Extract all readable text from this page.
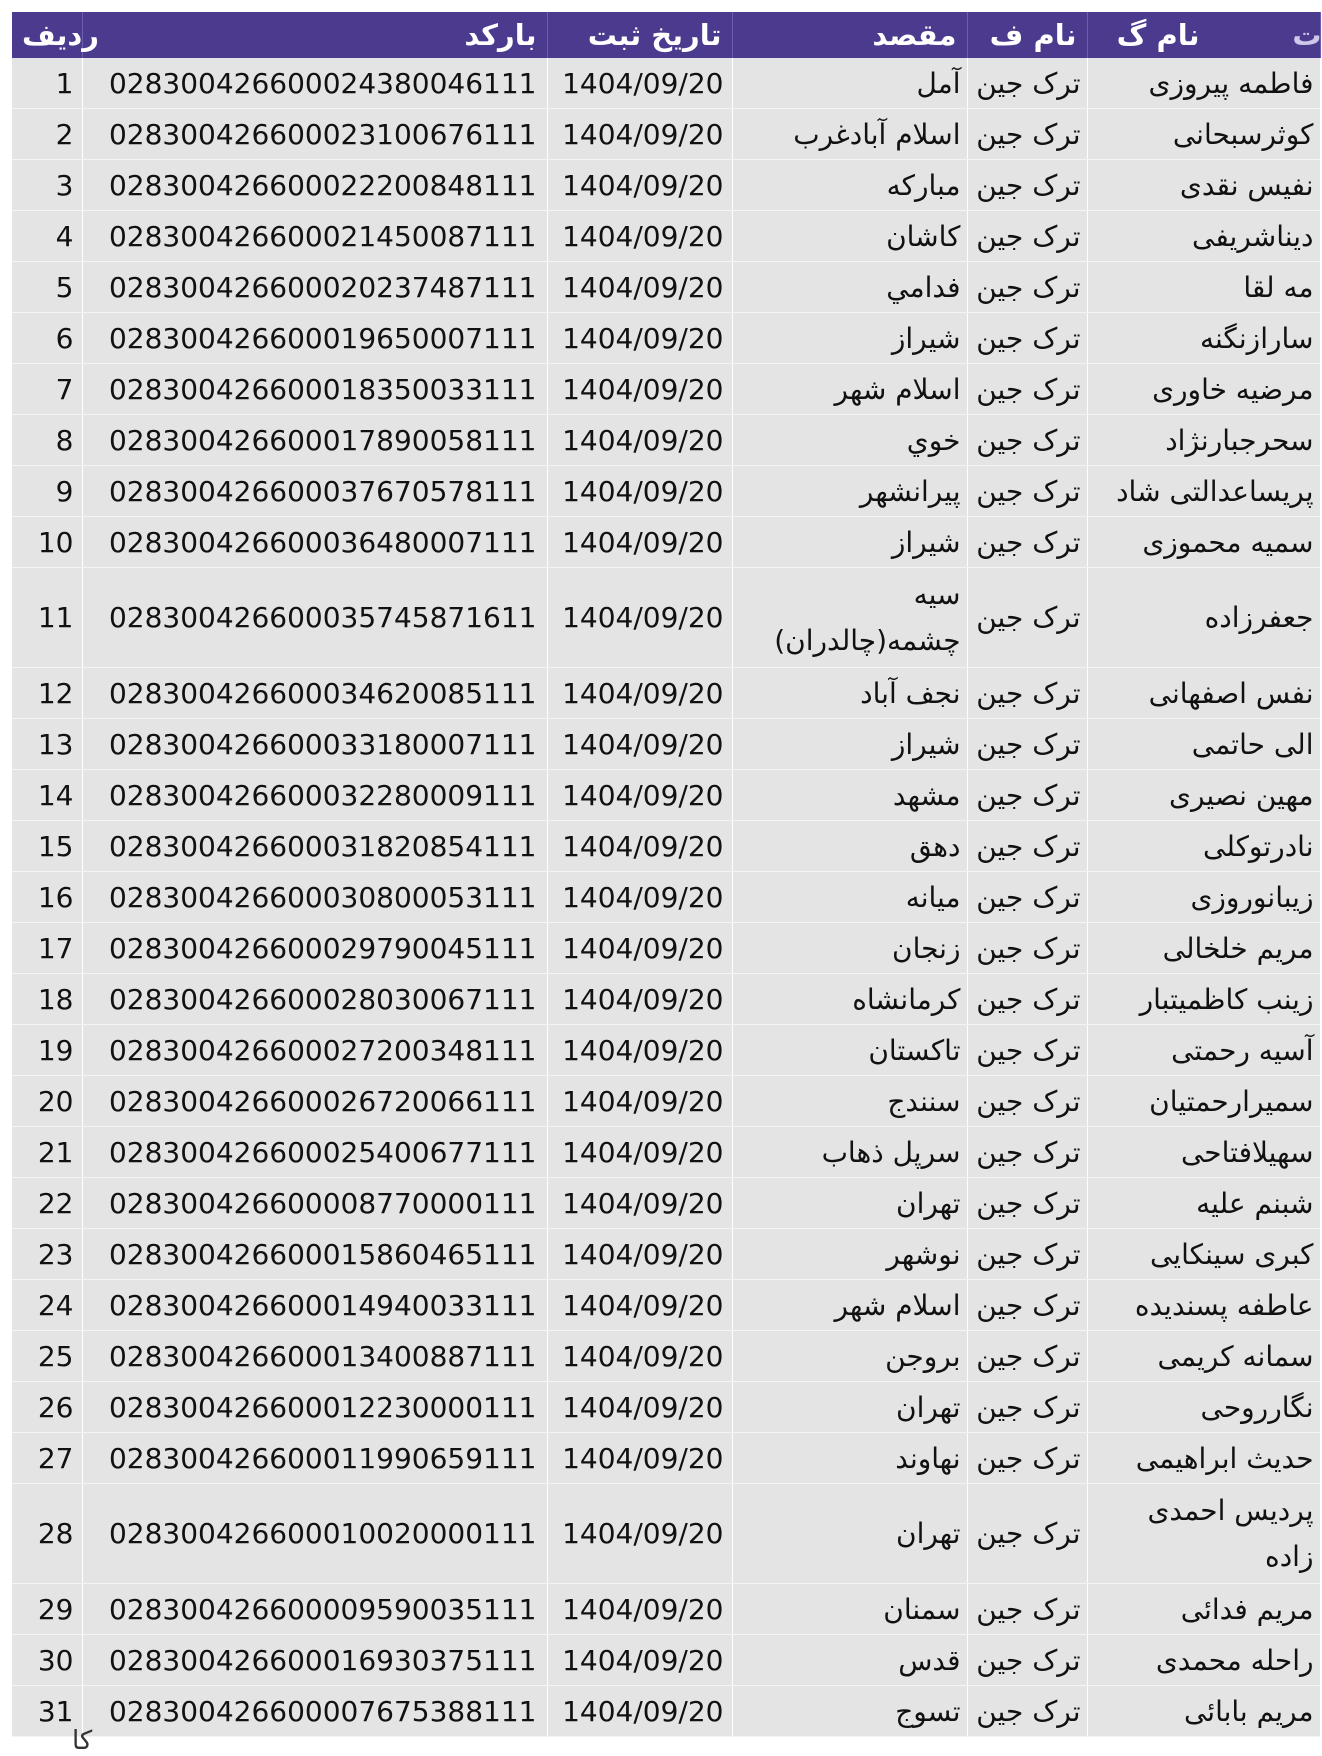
ردیف	بارکد	تاریخ ثبت	مقصد	نام ف	نام گ ت

1	028300426600024380046111	1404/09/20	آمل	ترک جین	فاطمه پیروزی
2	028300426600023100676111	1404/09/20	اسلام آبادغرب	ترک جین	کوثرسبحانی
3	028300426600022200848111	1404/09/20	مبارکه	ترک جین	نفیس نقدی
4	028300426600021450087111	1404/09/20	کاشان	ترک جین	دیناشریفی
5	028300426600020237487111	1404/09/20	فدامي	ترک جین	مه لقا
6	028300426600019650007111	1404/09/20	شیراز	ترک جین	سارازنگنه
7	028300426600018350033111	1404/09/20	اسلام شهر	ترک جین	مرضیه خاوری
8	028300426600017890058111	1404/09/20	خوي	ترک جین	سحرجبارنژاد
9	028300426600037670578111	1404/09/20	پیرانشهر	ترک جین	پریساعدالتی شاد
10	028300426600036480007111	1404/09/20	شیراز	ترک جین	سمیه محموزی
11	028300426600035745871611	1404/09/20	سیه چشمه(چالدران)	ترک جین	جعفرزاده
12	028300426600034620085111	1404/09/20	نجف آباد	ترک جین	نفس اصفهانی
13	028300426600033180007111	1404/09/20	شیراز	ترک جین	الی حاتمی
14	028300426600032280009111	1404/09/20	مشهد	ترک جین	مهین نصیری
15	028300426600031820854111	1404/09/20	دهق	ترک جین	نادرتوکلی
16	028300426600030800053111	1404/09/20	میانه	ترک جین	زیبانوروزی
17	028300426600029790045111	1404/09/20	زنجان	ترک جین	مریم خلخالی
18	028300426600028030067111	1404/09/20	کرمانشاه	ترک جین	زینب کاظمیتبار
19	028300426600027200348111	1404/09/20	تاکستان	ترک جین	آسیه رحمتی
20	028300426600026720066111	1404/09/20	سنندج	ترک جین	سمیرارحمتیان
21	028300426600025400677111	1404/09/20	سرپل ذهاب	ترک جین	سهیلافتاحی
22	028300426600008770000111	1404/09/20	تهران	ترک جین	شبنم علیه
23	028300426600015860465111	1404/09/20	نوشهر	ترک جین	کبری سینکایی
24	028300426600014940033111	1404/09/20	اسلام شهر	ترک جین	عاطفه پسندیده
25	028300426600013400887111	1404/09/20	بروجن	ترک جین	سمانه کریمی
26	028300426600012230000111	1404/09/20	تهران	ترک جین	نگارروحی
27	028300426600011990659111	1404/09/20	نهاوند	ترک جین	حدیث ابراهیمی
28	028300426600010020000111	1404/09/20	تهران	ترک جین	پردیس احمدی زاده
29	028300426600009590035111	1404/09/20	سمنان	ترک جین	مریم فدائی
30	028300426600016930375111	1404/09/20	قدس	ترک جین	راحله محمدی
31	028300426600007675388111	1404/09/20	تسوج	ترک جین	مریم بابائی
کا
